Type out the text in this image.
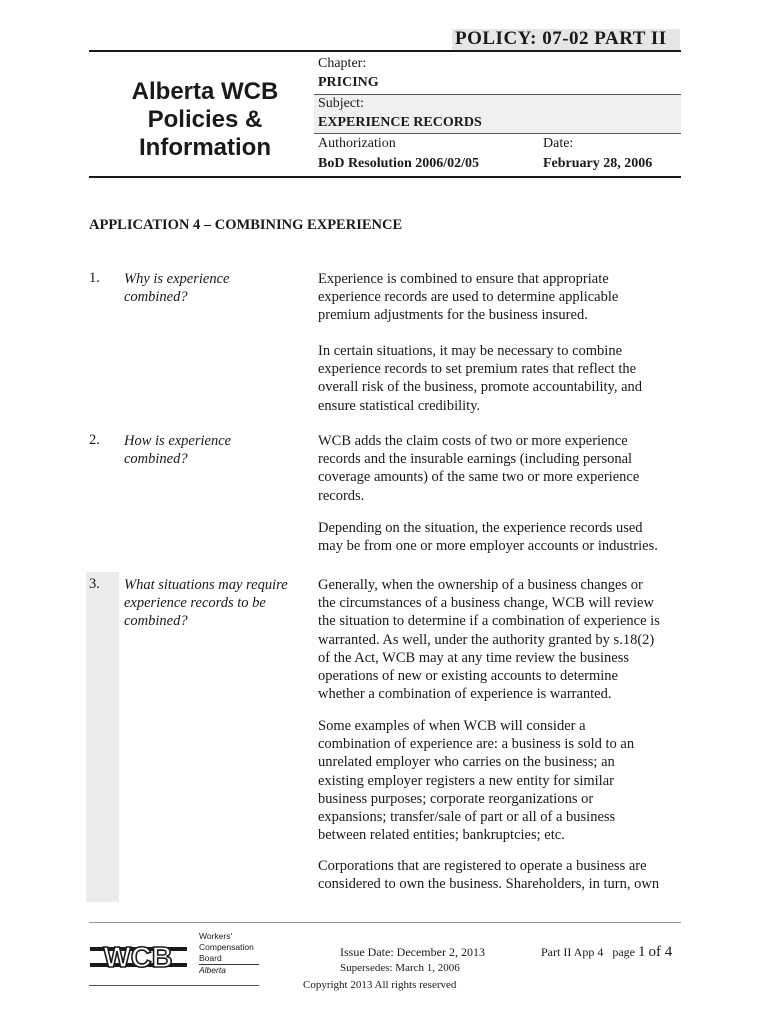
POLICY: 07-02 PART II
Alberta WCB
Policies &
Information
Chapter:
PRICING
Subject:
EXPERIENCE RECORDS
Authorization
BoD Resolution 2006/02/05
Date:
February 28, 2006
APPLICATION 4 – COMBINING EXPERIENCE
1. Why is experience
combined?
Experience is combined to ensure that appropriate
experience records are used to determine applicable
premium adjustments for the business insured.
In certain situations, it may be necessary to combine
experience records to set premium rates that reflect the
overall risk of the business, promote accountability, and
ensure statistical credibility.
2. How is experience
combined?
WCB adds the claim costs of two or more experience
records and the insurable earnings (including personal
coverage amounts) of the same two or more experience
records.
Depending on the situation, the experience records used
may be from one or more employer accounts or industries.
3. What situations may require
experience records to be
combined?
Generally, when the ownership of a business changes or
the circumstances of a business change, WCB will review
the situation to determine if a combination of experience is
warranted. As well, under the authority granted by s.18(2)
of the Act, WCB may at any time review the business
operations of new or existing accounts to determine
whether a combination of experience is warranted.
Some examples of when WCB will consider a
combination of experience are: a business is sold to an
unrelated employer who carries on the business; an
existing employer registers a new entity for similar
business purposes; corporate reorganizations or
expansions; transfer/sale of part or all of a business
between related entities; bankruptcies; etc.
Corporations that are registered to operate a business are
considered to own the business. Shareholders, in turn, own
WCB
Workers'
Compensation
Board
Alberta
Issue Date: December 2, 2013
Supersedes: March 1, 2006
Copyright 2013 All rights reserved
Part II App 4 page 1 of 4
